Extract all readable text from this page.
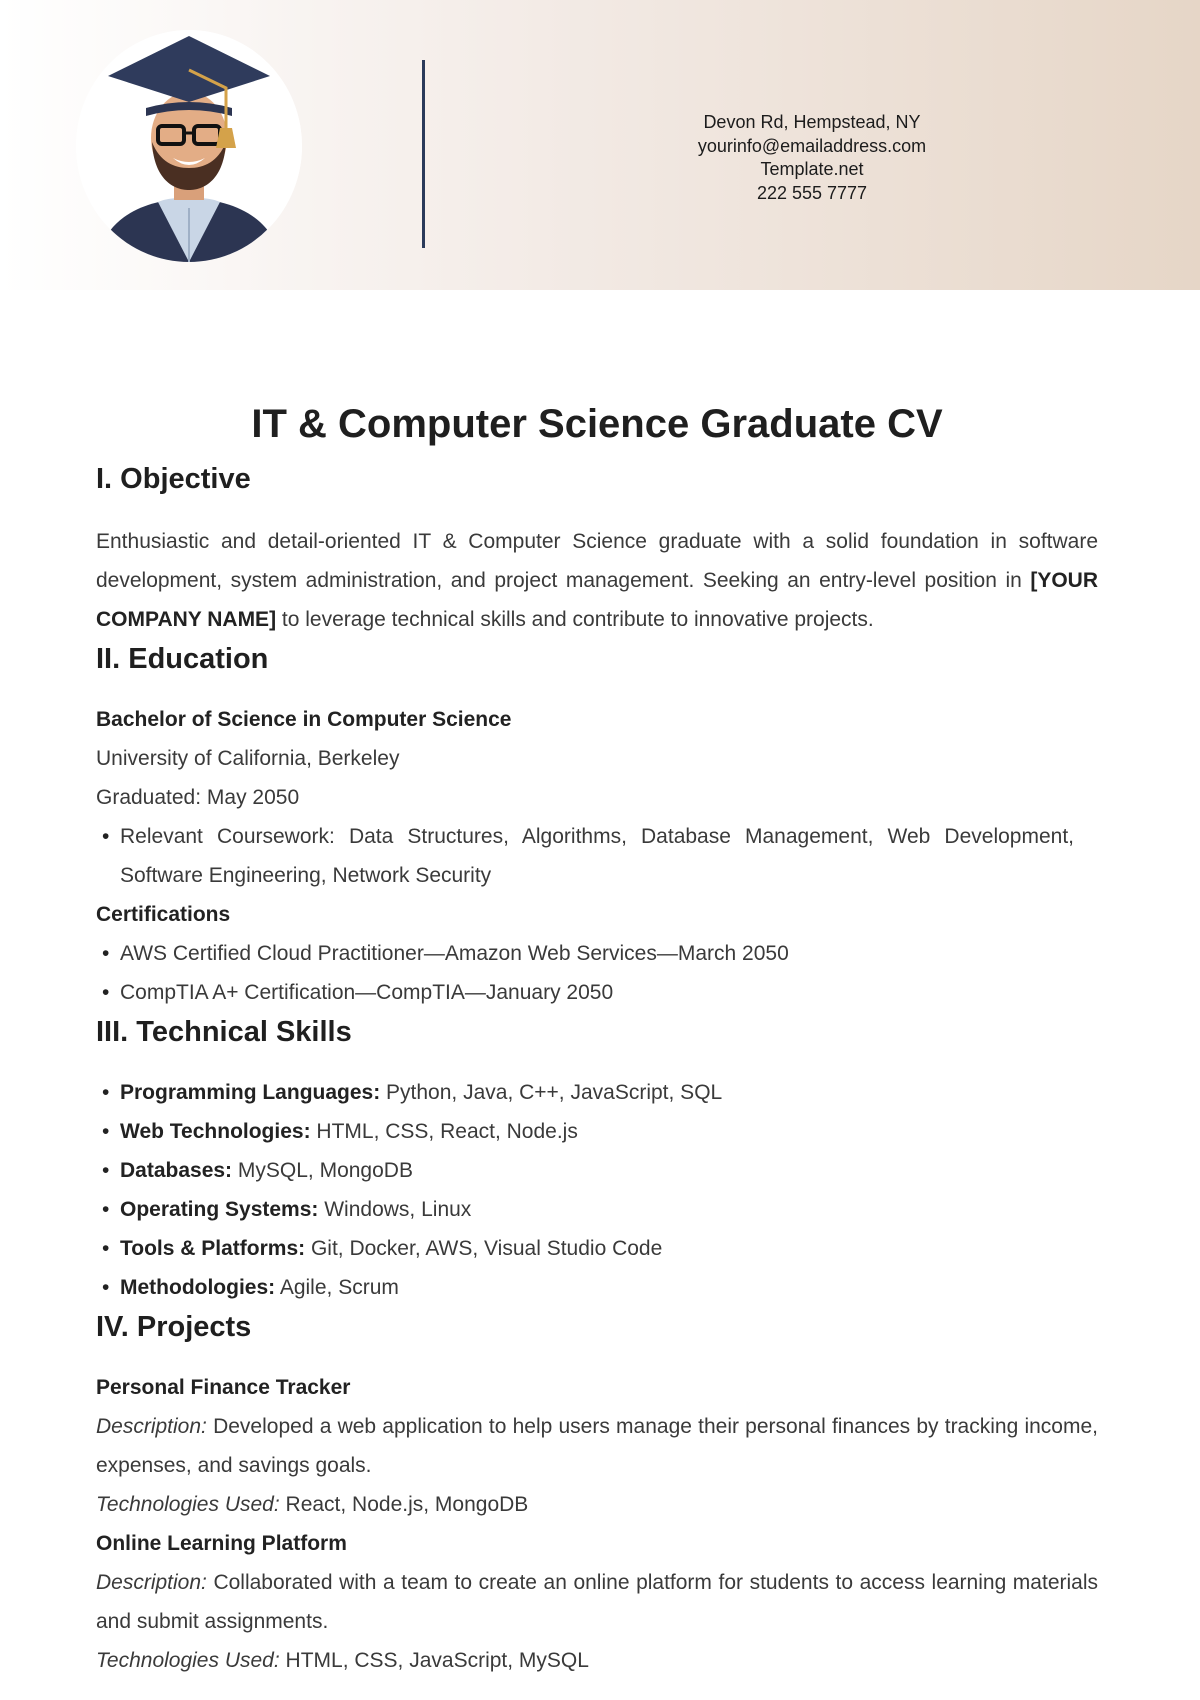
Devon Rd, Hempstead, NY
yourinfo@emailaddress.com
Template.net
222 555 7777
IT & Computer Science Graduate CV
I. Objective

Enthusiastic and detail-oriented IT & Computer Science graduate with a solid foundation in software development, system administration, and project management. Seeking an entry-level position in [YOUR COMPANY NAME] to leverage technical skills and contribute to innovative projects.

II. Education

Bachelor of Science in Computer Science

University of California, Berkeley

Graduated: May 2050

• Relevant Coursework: Data Structures, Algorithms, Database Management, Web Development, Software Engineering, Network Security

Certifications

• AWS Certified Cloud Practitioner—Amazon Web Services—March 2050
• CompTIA A+ Certification—CompTIA—January 2050
III. Technical Skills
• Programming Languages: Python, Java, C++, JavaScript, SQL
• Web Technologies: HTML, CSS, React, Node.js
• Databases: MySQL, MongoDB
• Operating Systems: Windows, Linux
• Tools & Platforms: Git, Docker, AWS, Visual Studio Code
• Methodologies: Agile, Scrum
IV. Projects

Personal Finance Tracker

Description: Developed a web application to help users manage their personal finances by tracking income, expenses, and savings goals.

Technologies Used: React, Node.js, MongoDB

Online Learning Platform

Description: Collaborated with a team to create an online platform for students to access learning materials and submit assignments.

Technologies Used: HTML, CSS, JavaScript, MySQL
